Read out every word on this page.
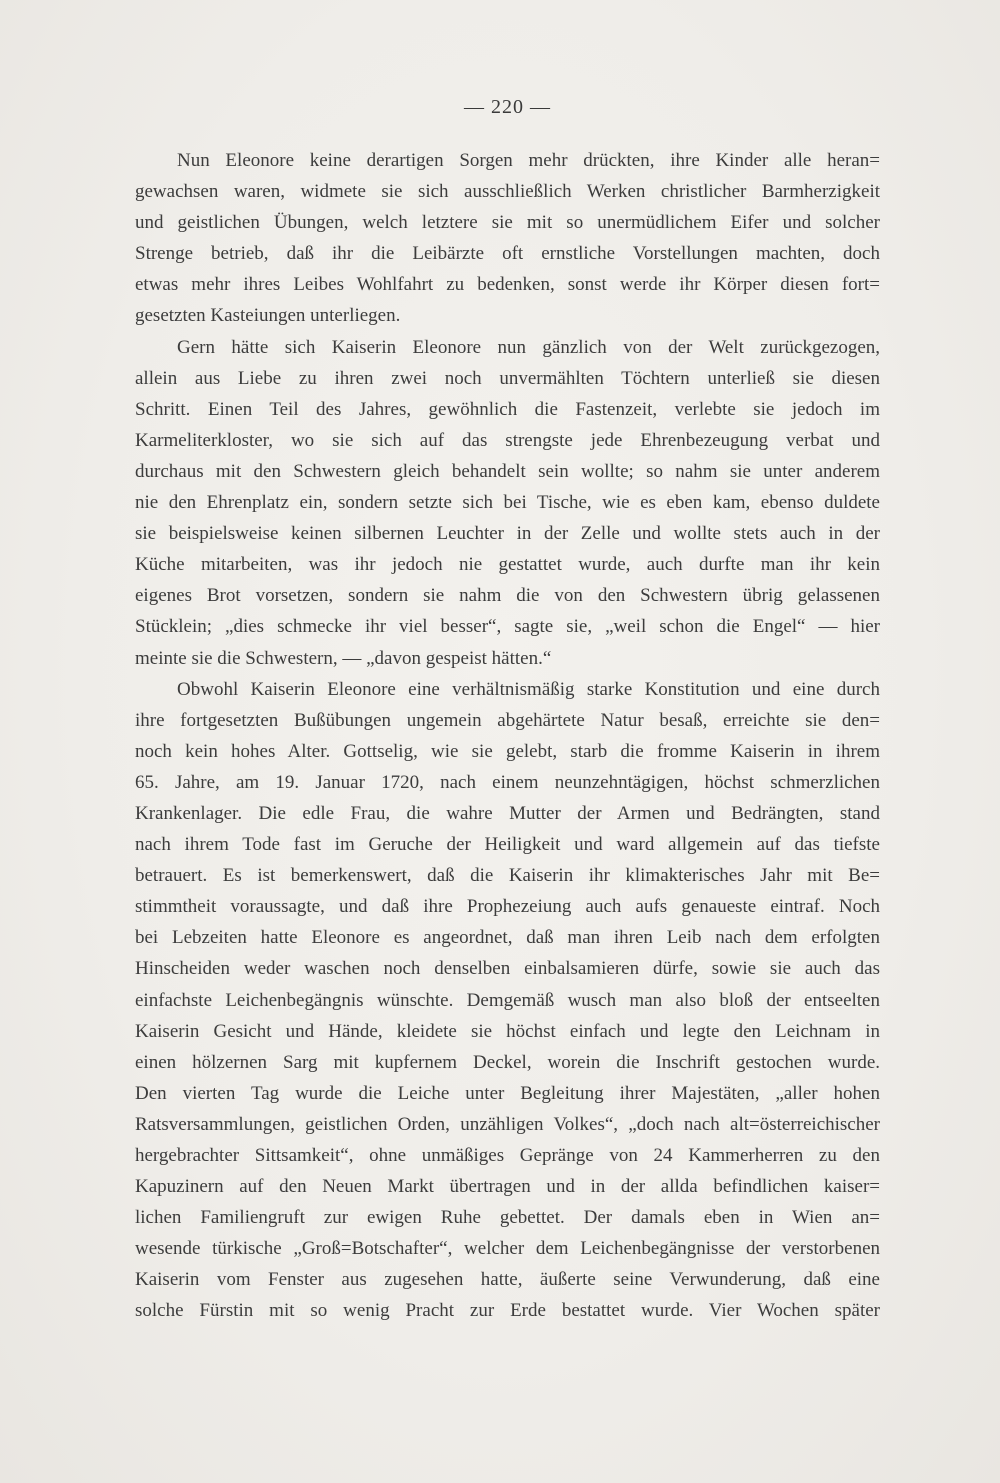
— 220 —
Nun Eleonore keine derartigen Sorgen mehr drückten, ihre Kinder alle heran=
gewachsen waren, widmete sie sich ausschließlich Werken christlicher Barmherzigkeit
und geistlichen Übungen, welch letztere sie mit so unermüdlichem Eifer und solcher
Strenge betrieb, daß ihr die Leibärzte oft ernstliche Vorstellungen machten, doch
etwas mehr ihres Leibes Wohlfahrt zu bedenken, sonst werde ihr Körper diesen fort=
gesetzten Kasteiungen unterliegen.
Gern hätte sich Kaiserin Eleonore nun gänzlich von der Welt zurückgezogen,
allein aus Liebe zu ihren zwei noch unvermählten Töchtern unterließ sie diesen
Schritt. Einen Teil des Jahres, gewöhnlich die Fastenzeit, verlebte sie jedoch im
Karmeliterkloster, wo sie sich auf das strengste jede Ehrenbezeugung verbat und
durchaus mit den Schwestern gleich behandelt sein wollte; so nahm sie unter anderem
nie den Ehrenplatz ein, sondern setzte sich bei Tische, wie es eben kam, ebenso duldete
sie beispielsweise keinen silbernen Leuchter in der Zelle und wollte stets auch in der
Küche mitarbeiten, was ihr jedoch nie gestattet wurde, auch durfte man ihr kein
eigenes Brot vorsetzen, sondern sie nahm die von den Schwestern übrig gelassenen
Stücklein; „dies schmecke ihr viel besser“, sagte sie, „weil schon die Engel“ — hier
meinte sie die Schwestern, — „davon gespeist hätten.“
Obwohl Kaiserin Eleonore eine verhältnismäßig starke Konstitution und eine durch
ihre fortgesetzten Bußübungen ungemein abgehärtete Natur besaß, erreichte sie den=
noch kein hohes Alter. Gottselig, wie sie gelebt, starb die fromme Kaiserin in ihrem
65. Jahre, am 19. Januar 1720, nach einem neunzehntägigen, höchst schmerzlichen
Krankenlager. Die edle Frau, die wahre Mutter der Armen und Bedrängten, stand
nach ihrem Tode fast im Geruche der Heiligkeit und ward allgemein auf das tiefste
betrauert. Es ist bemerkenswert, daß die Kaiserin ihr klimakterisches Jahr mit Be=
stimmtheit voraussagte, und daß ihre Prophezeiung auch aufs genaueste eintraf. Noch
bei Lebzeiten hatte Eleonore es angeordnet, daß man ihren Leib nach dem erfolgten
Hinscheiden weder waschen noch denselben einbalsamieren dürfe, sowie sie auch das
einfachste Leichenbegängnis wünschte. Demgemäß wusch man also bloß der entseelten
Kaiserin Gesicht und Hände, kleidete sie höchst einfach und legte den Leichnam in
einen hölzernen Sarg mit kupfernem Deckel, worein die Inschrift gestochen wurde.
Den vierten Tag wurde die Leiche unter Begleitung ihrer Majestäten, „aller hohen
Ratsversammlungen, geistlichen Orden, unzähligen Volkes“, „doch nach alt=österreichischer
hergebrachter Sittsamkeit“, ohne unmäßiges Gepränge von 24 Kammerherren zu den
Kapuzinern auf den Neuen Markt übertragen und in der allda befindlichen kaiser=
lichen Familiengruft zur ewigen Ruhe gebettet. Der damals eben in Wien an=
wesende türkische „Groß=Botschafter“, welcher dem Leichenbegängnisse der verstorbenen
Kaiserin vom Fenster aus zugesehen hatte, äußerte seine Verwunderung, daß eine
solche Fürstin mit so wenig Pracht zur Erde bestattet wurde. Vier Wochen später
